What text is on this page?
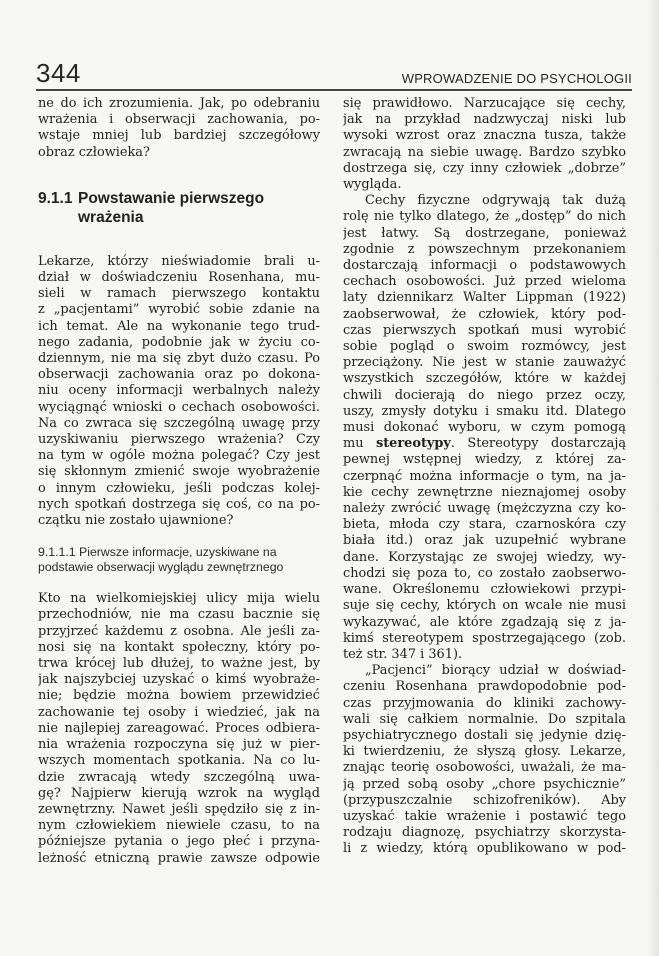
344	WPROWADZENIE DO PSYCHOLOGII
ne do ich zrozumienia. Jak, po odebraniu
wrażenia i obserwacji zachowania, po-
wstaje mniej lub bardziej szczegółowy
obraz człowieka?
9.1.1 Powstawanie pierwszego
wrażenia
Lekarze, którzy nieświadomie brali u-
dział w doświadczeniu Rosenhana, mu-
sieli w ramach pierwszego kontaktu
z „pacjentami” wyrobić sobie zdanie na
ich temat. Ale na wykonanie tego trud-
nego zadania, podobnie jak w życiu co-
dziennym, nie ma się zbyt dużo czasu. Po
obserwacji zachowania oraz po dokona-
niu oceny informacji werbalnych należy
wyciągnąć wnioski o cechach osobowości.
Na co zwraca się szczególną uwagę przy
uzyskiwaniu pierwszego wrażenia? Czy
na tym w ogóle można polegać? Czy jest
się skłonnym zmienić swoje wyobrażenie
o innym człowieku, jeśli podczas kolej-
nych spotkań dostrzega się coś, co na po-
czątku nie zostało ujawnione?
9.1.1.1 Pierwsze informacje, uzyskiwane na
podstawie obserwacji wyglądu zewnętrznego
Kto na wielkomiejskiej ulicy mija wielu
przechodniów, nie ma czasu bacznie się
przyjrzeć każdemu z osobna. Ale jeśli za-
nosi się na kontakt społeczny, który po-
trwa krócej lub dłużej, to ważne jest, by
jak najszybciej uzyskać o kimś wyobraże-
nie; będzie można bowiem przewidzieć
zachowanie tej osoby i wiedzieć, jak na
nie najlepiej zareagować. Proces odbiera-
nia wrażenia rozpoczyna się już w pier-
wszych momentach spotkania. Na co lu-
dzie zwracają wtedy szczególną uwa-
gę? Najpierw kierują wzrok na wygląd
zewnętrzny. Nawet jeśli spędziło się z in-
nym człowiekiem niewiele czasu, to na
późniejsze pytania o jego płeć i przyna-
leżność etniczną prawie zawsze odpowie
się prawidłowo. Narzucające się cechy,
jak na przykład nadzwyczaj niski lub
wysoki wzrost oraz znaczna tusza, także
zwracają na siebie uwagę. Bardzo szybko
dostrzega się, czy inny człowiek „dobrze”
wygląda.
Cechy fizyczne odgrywają tak dużą
rolę nie tylko dlatego, że „dostęp” do nich
jest łatwy. Są dostrzegane, ponieważ
zgodnie z powszechnym przekonaniem
dostarczają informacji o podstawowych
cechach osobowości. Już przed wieloma
laty dziennikarz Walter Lippman (1922)
zaobserwował, że człowiek, który pod-
czas pierwszych spotkań musi wyrobić
sobie pogląd o swoim rozmówcy, jest
przeciążony. Nie jest w stanie zauważyć
wszystkich szczegółów, które w każdej
chwili docierają do niego przez oczy,
uszy, zmysły dotyku i smaku itd. Dlatego
musi dokonać wyboru, w czym pomogą
mu stereotypy. Stereotypy dostarczają
pewnej wstępnej wiedzy, z której za-
czerpnąć można informacje o tym, na ja-
kie cechy zewnętrzne nieznajomej osoby
należy zwrócić uwagę (mężczyzna czy ko-
bieta, młoda czy stara, czarnoskóra czy
biała itd.) oraz jak uzupełnić wybrane
dane. Korzystając ze swojej wiedzy, wy-
chodzi się poza to, co zostało zaobserwo-
wane. Określonemu człowiekowi przypi-
suje się cechy, których on wcale nie musi
wykazywać, ale które zgadzają się z ja-
kimś stereotypem spostrzegającego (zob.
też str. 347 i 361).
„Pacjenci” biorący udział w doświad-
czeniu Rosenhana prawdopodobnie pod-
czas przyjmowania do kliniki zachowy-
wali się całkiem normalnie. Do szpitala
psychiatrycznego dostali się jedynie dzię-
ki twierdzeniu, że słyszą głosy. Lekarze,
znając teorię osobowości, uważali, że ma-
ją przed sobą osoby „chore psychicznie”
(przypuszczalnie schizofreników). Aby
uzyskać takie wrażenie i postawić tego
rodzaju diagnozę, psychiatrzy skorzysta-
li z wiedzy, którą opublikowano w pod-
